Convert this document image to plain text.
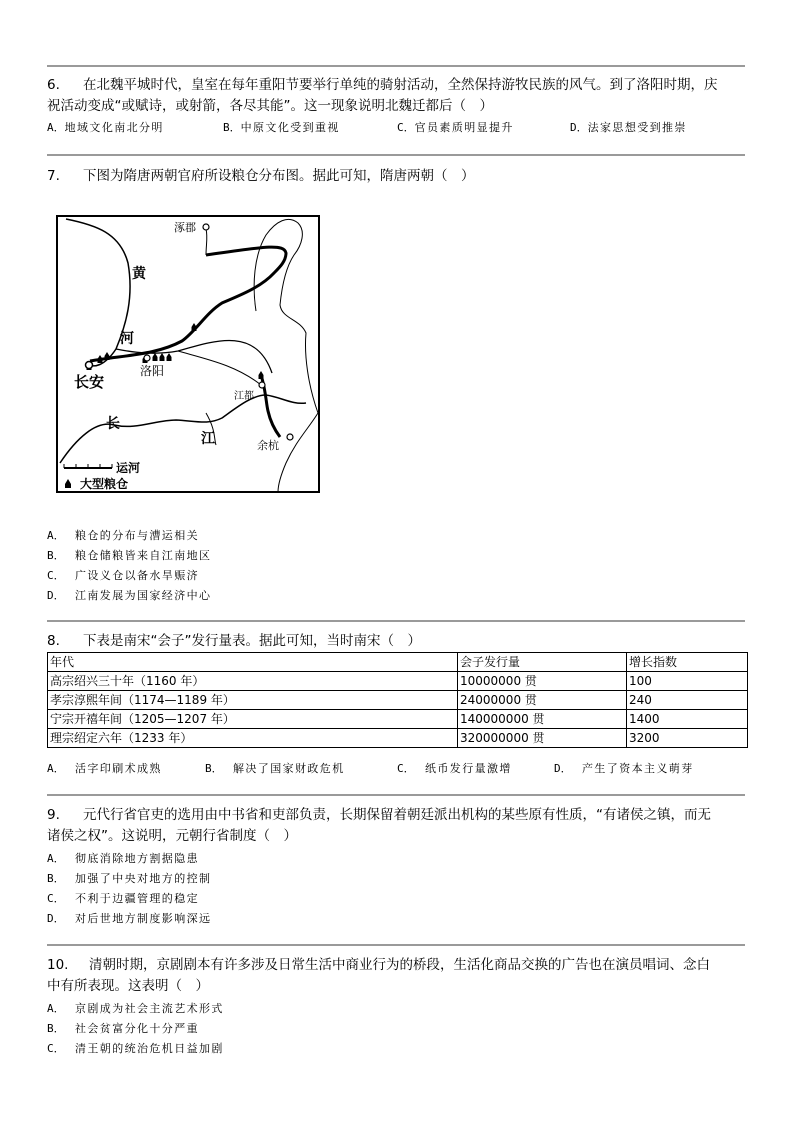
6. 在北魏平城时代，皇室在每年重阳节要举行单纯的骑射活动，全然保持游牧民族的风气。到了洛阳时期，庆
祝活动变成“或赋诗，或射箭，各尽其能”。这一现象说明北魏迁都后（　）
A．地域文化南北分明	B．中原文化受到重视	C．官员素质明显提升	D．法家思想受到推崇
7. 下图为隋唐两朝官府所设粮仓分布图。据此可知，隋唐两朝（　）
涿郡
黄
河
长安
洛阳
江都
长
江	余杭
运河
大型粮仓
A． 粮仓的分布与漕运相关
B． 粮仓储粮皆来自江南地区
C． 广设义仓以备水旱赈济
D． 江南发展为国家经济中心
8. 下表是南宋“会子”发行量表。据此可知，当时南宋（　）
年代	会子发行量	增长指数
高宗绍兴三十年（1160 年）	10000000 贯	100
孝宗淳熙年间（1174—1189 年）	24000000 贯	240
宁宗开禧年间（1205—1207 年）	140000000 贯	1400
理宗绍定六年（1233 年）	320000000 贯	3200
A． 活字印刷术成熟	B． 解决了国家财政危机	C． 纸币发行量激增	D． 产生了资本主义萌芽
9. 元代行省官吏的选用由中书省和吏部负责，长期保留着朝廷派出机构的某些原有性质，“有诸侯之镇，而无
诸侯之权”。这说明，元朝行省制度（　）
A． 彻底消除地方割据隐患
B． 加强了中央对地方的控制
C． 不利于边疆管理的稳定
D． 对后世地方制度影响深远
10. 清朝时期，京剧剧本有许多涉及日常生活中商业行为的桥段，生活化商品交换的广告也在演员唱词、念白
中有所表现。这表明（　）
A． 京剧成为社会主流艺术形式
B． 社会贫富分化十分严重
C． 清王朝的统治危机日益加剧
